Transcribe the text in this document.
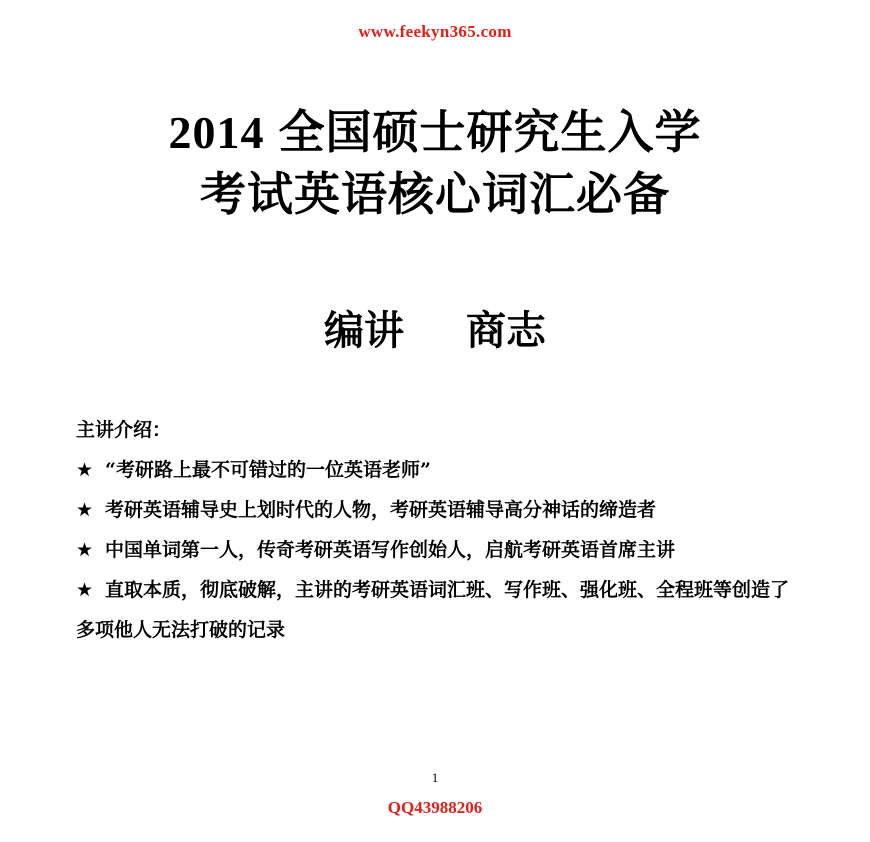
www.feekyn365.com
2014 全国硕士研究生入学
考试英语核心词汇必备
编讲 商志
主讲介绍：
★ “考研路上最不可错过的一位英语老师”
★ 考研英语辅导史上划时代的人物，考研英语辅导高分神话的缔造者
★ 中国单词第一人，传奇考研英语写作创始人，启航考研英语首席主讲
★ 直取本质，彻底破解，主讲的考研英语词汇班、写作班、强化班、全程班等创造了多项他人无法打破的记录
1
QQ43988206
